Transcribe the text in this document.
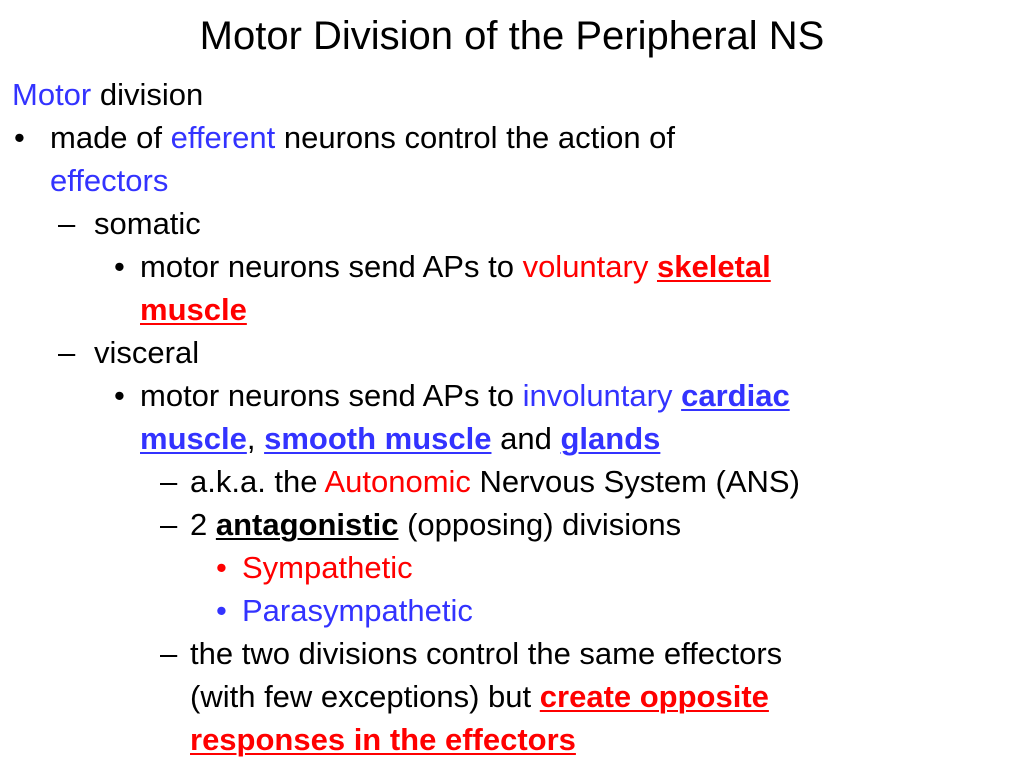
Motor Division of the Peripheral NS
Motor division
• made of efferent neurons control the action of
effectors
– somatic
• motor neurons send APs to voluntary skeletal
muscle
– visceral
• motor neurons send APs to involuntary cardiac
muscle, smooth muscle and glands
– a.k.a. the Autonomic Nervous System (ANS)
– 2 antagonistic (opposing) divisions
• Sympathetic
• Parasympathetic
– the two divisions control the same effectors
(with few exceptions) but create opposite
responses in the effectors
